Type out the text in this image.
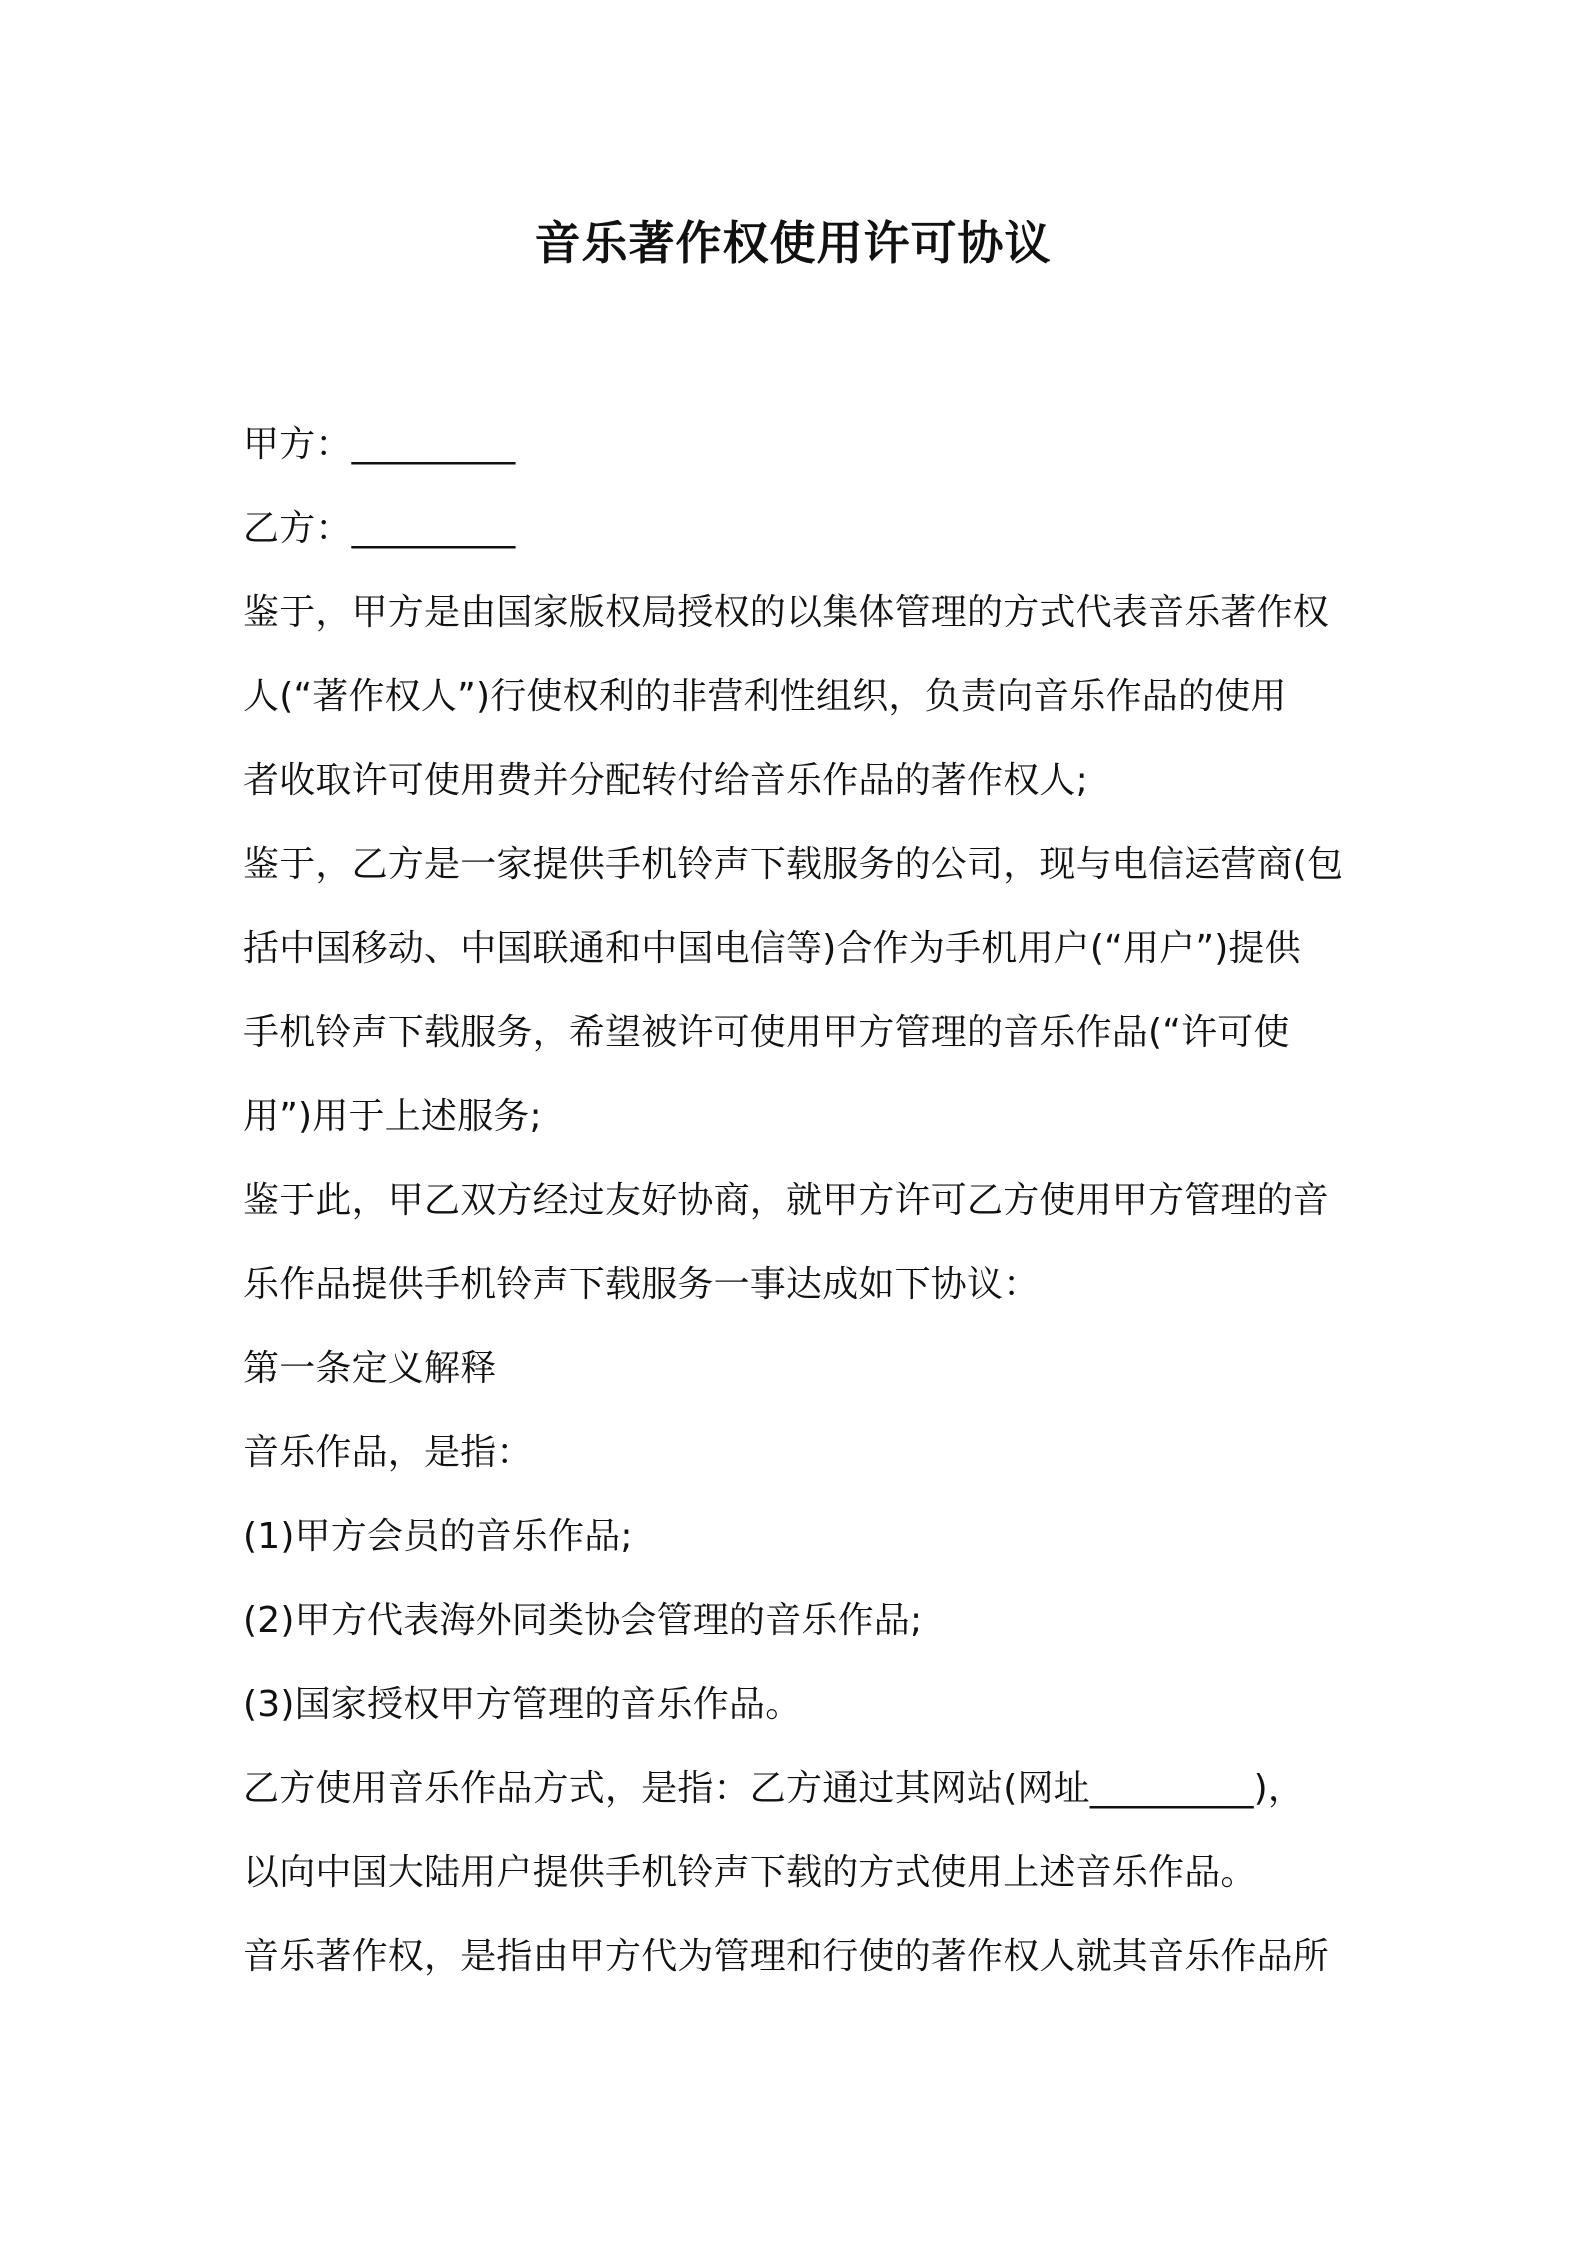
音乐著作权使用许可协议
甲方：_________
乙方：_________
鉴于，甲方是由国家版权局授权的以集体管理的方式代表音乐著作权
人(“著作权人”)行使权利的非营利性组织，负责向音乐作品的使用
者收取许可使用费并分配转付给音乐作品的著作权人;
鉴于，乙方是一家提供手机铃声下载服务的公司，现与电信运营商(包
括中国移动、中国联通和中国电信等)合作为手机用户(“用户”)提供
手机铃声下载服务，希望被许可使用甲方管理的音乐作品(“许可使
用”)用于上述服务;
鉴于此，甲乙双方经过友好协商，就甲方许可乙方使用甲方管理的音
乐作品提供手机铃声下载服务一事达成如下协议：
第一条定义解释
音乐作品，是指：
(1)甲方会员的音乐作品;
(2)甲方代表海外同类协会管理的音乐作品;
(3)国家授权甲方管理的音乐作品。
乙方使用音乐作品方式，是指：乙方通过其网站(网址_________)，
以向中国大陆用户提供手机铃声下载的方式使用上述音乐作品。
音乐著作权，是指由甲方代为管理和行使的著作权人就其音乐作品所
